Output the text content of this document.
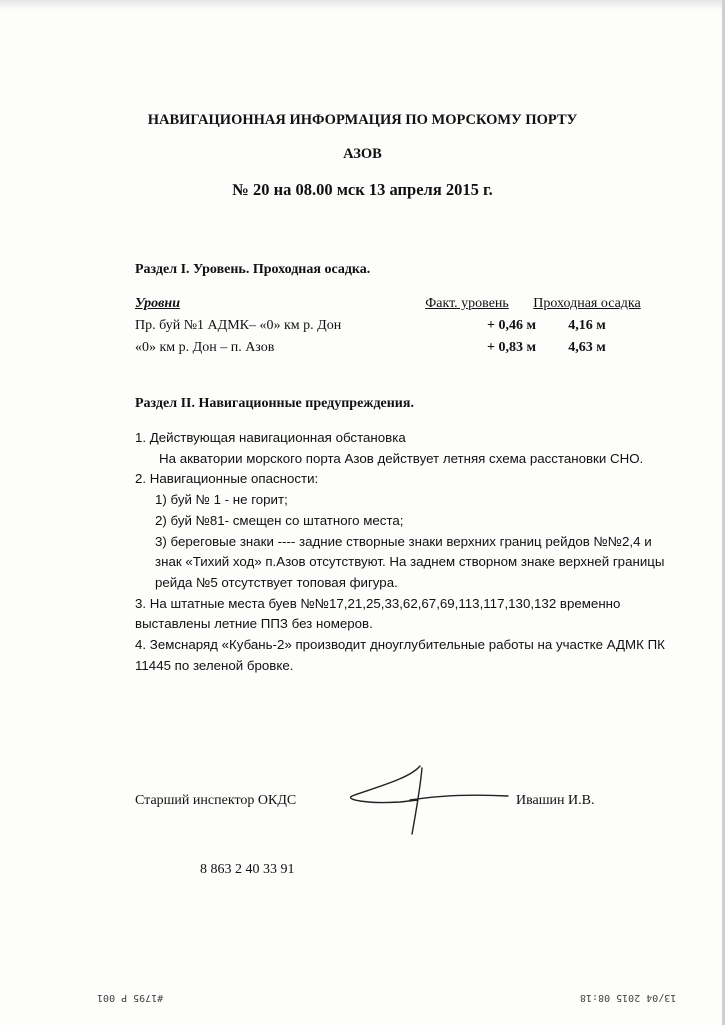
НАВИГАЦИОННАЯ ИНФОРМАЦИЯ ПО МОРСКОМУ ПОРТУ
АЗОВ
№ 20 на 08.00 мск 13 апреля 2015 г.
Раздел I. Уровень. Проходная осадка.
Уровни	Факт. уровень	Проходная осадка
Пр. буй №1 АДМК– «0» км р. Дон	+ 0,46 м	4,16 м
«0» км р. Дон – п. Азов	+ 0,83 м	4,63 м
Раздел II. Навигационные предупреждения.

1. Действующая навигационная обстановка

На акватории морского порта Азов действует летняя схема расстановки СНО.

2. Навигационные опасности:

1) буй № 1 - не горит;

2) буй №81- смещен со штатного места;

3) береговые знаки ---- задние створные знаки верхних границ рейдов №№2,4 и знак «Тихий ход» п.Азов отсутствуют. На заднем створном знаке верхней границы рейда №5 отсутствует топовая фигура.

3. На штатные места буев №№17,21,25,33,62,67,69,113,117,130,132 временно выставлены летние ППЗ без номеров.

4. Земснаряд «Кубань-2» производит дноуглубительные работы на участке АДМК ПК 11445 по зеленой бровке.

Старший инспектор ОКДС	Ивашин И.В.
8 863 2 40 33 91
#1795 P 001	13/04 2015 08:18
